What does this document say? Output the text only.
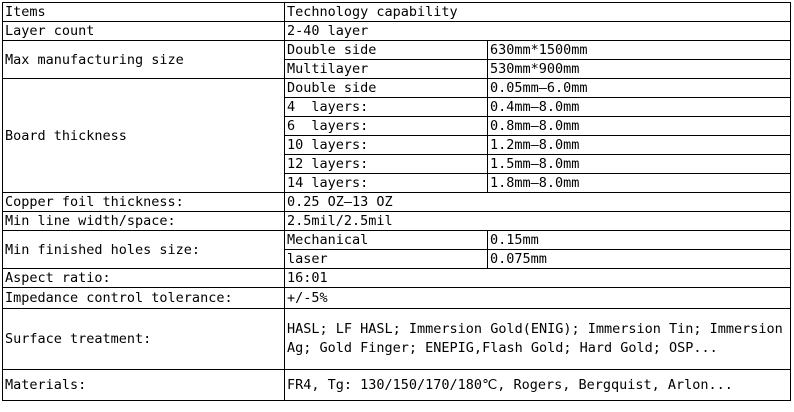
Items	Technology capability	
Layer count	2-40 layer	
Max manufacturing size	Double side	630mm*1500mm
	Multilayer	530mm*900mm
Board thickness	Double side	0.05mm—6.0mm
	4  layers:	0.4mm—8.0mm
	6  layers:	0.8mm—8.0mm
	10 layers:	1.2mm—8.0mm
	12 layers:	1.5mm—8.0mm
	14 layers:	1.8mm—8.0mm
Copper foil thickness:	0.25 OZ—13 OZ	
Min line width/space:	2.5mil/2.5mil	
Min finished holes size:	Mechanical	0.15mm
	laser	0.075mm
Aspect ratio:	16:01	
Impedance control tolerance:	+/-5%	
Surface treatment:	HASL; LF HASL; Immersion Gold(ENIG); Immersion Tin; Immersion Ag; Gold Finger; ENEPIG,Flash Gold; Hard Gold; OSP...	
Materials:	FR4, Tg: 130/150/170/180℃, Rogers, Bergquist, Arlon...	
